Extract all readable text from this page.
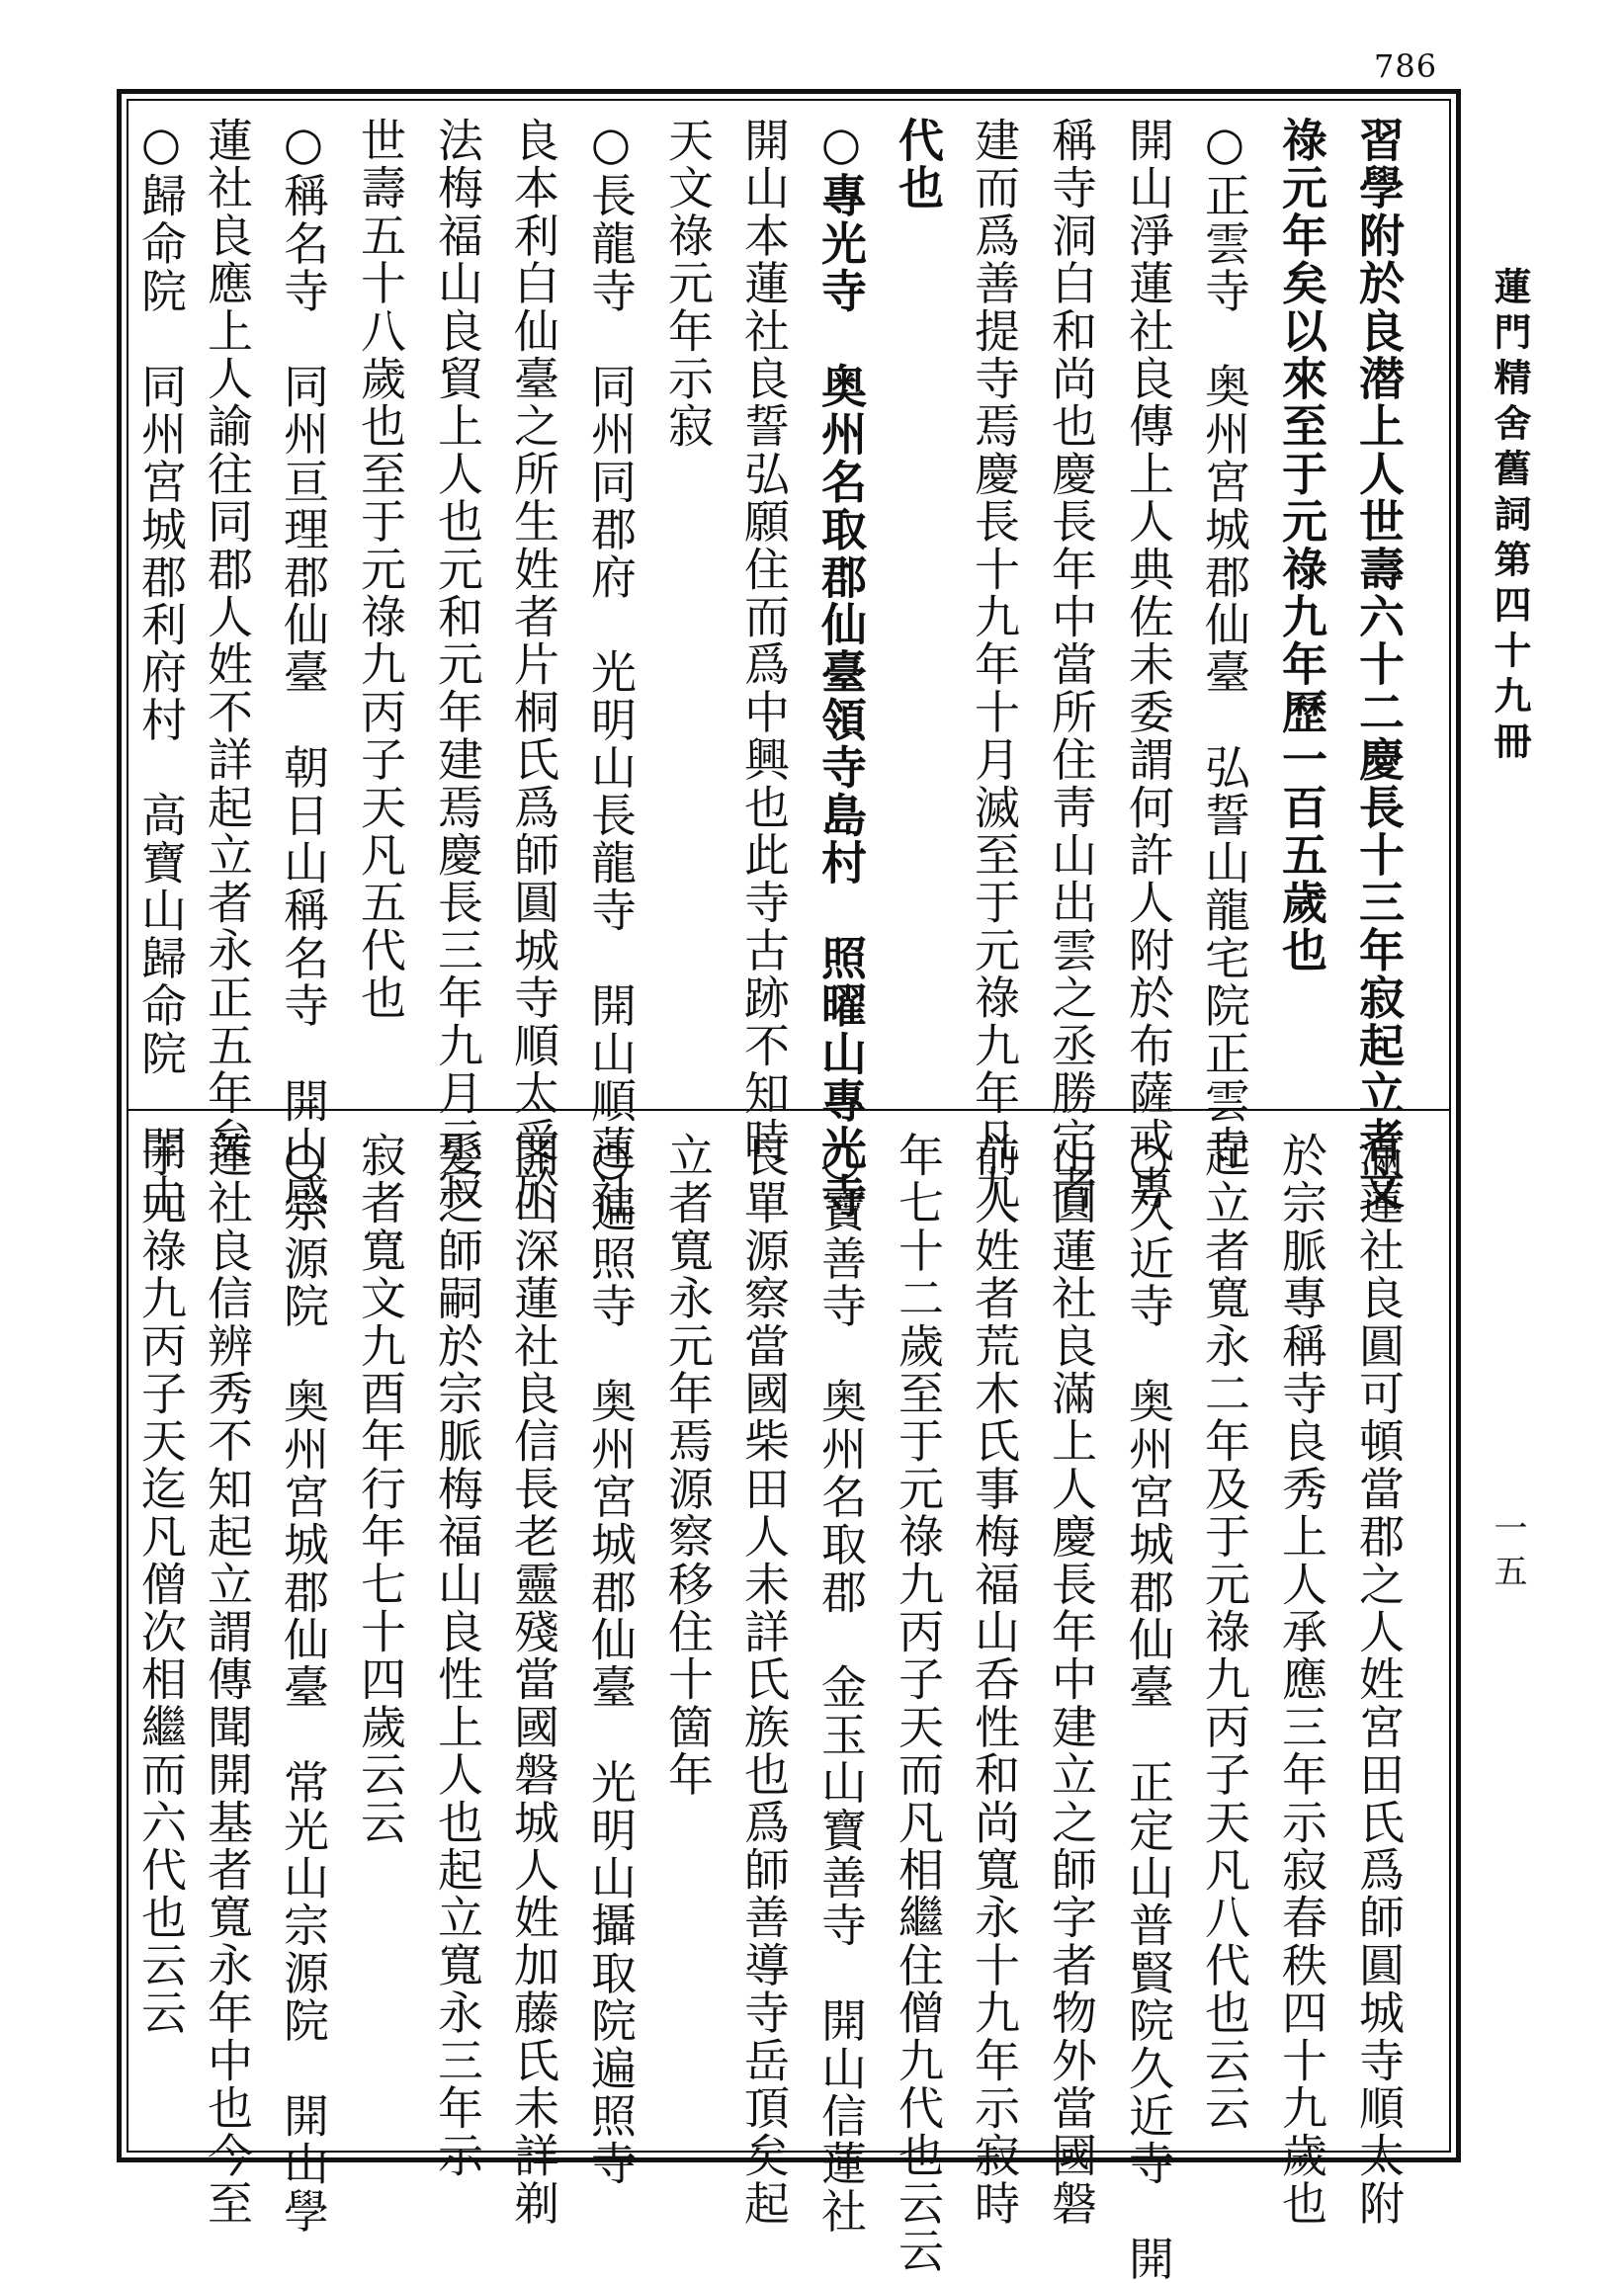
786
蓮門精舍舊詞第四十九冊
一五
習學附於良潜上人世壽六十二慶長十三年寂起立者文
祿元年矣以來至于元祿九年歷一百五歲也
○正雲寺　奥州宮城郡仙臺　弘誓山龍宅院正雲寺
開山淨蓮社良傳上人典佐未委謂何許人附於布薩戒專
稱寺洞白和尚也慶長年中當所住靑山出雲之丞勝定者
建而爲善提寺焉慶長十九年十月滅至于元祿九年凡九
代也
○專光寺　奥州名取郡仙臺領寺島村　照曜山專光寺
開山本蓮社良誓弘願住而爲中興也此寺古跡不知時
天文祿元年示寂
○長龍寺　同州同郡府　光明山長龍寺　開山順蓮社
良本利白仙臺之所生姓者片桐氏爲師圓城寺順太受於
法梅福山良貿上人也元和元年建焉慶長三年九月示寂
世壽五十八歲也至于元祿九丙子天凡五代也
○稱名寺　同州亘理郡仙臺　朝日山稱名寺　開山感
蓮社良應上人諭往同郡人姓不詳起立者永正五年矣
○歸命院　同州宮城郡利府村　高寶山歸命院　開山
滿蓮社良圓可頓當郡之人姓宮田氏爲師圓城寺順太附
於宗脈專稱寺良秀上人承應三年示寂春秩四十九歲也
起立者寬永二年及于元祿九丙子天凡八代也云云
○久近寺　奥州宮城郡仙臺　正定山普賢院久近寺　開
山圓蓮社良滿上人慶長年中建立之師字者物外當國磐
前人姓者荒木氏事梅福山呑性和尚寬永十九年示寂時
年七十二歲至于元祿九丙子天而凡相繼住僧九代也云云
○寶善寺　奥州名取郡　金玉山寶善寺　開山信蓮社
良單源察當國柴田人未詳氏族也爲師善導寺岳頂矣起
立者寬永元年焉源察移住十箇年
○遍照寺　奥州宮城郡仙臺　光明山攝取院遍照寺
開山深蓮社良信長老靈殘當國磐城人姓加藤氏未詳剃
髮之師嗣於宗脈梅福山良性上人也起立寬永三年示
寂者寬文九酉年行年七十四歲云云
○宗源院　奥州宮城郡仙臺　常光山宗源院　開山學
蓮社良信辨秀不知起立謂傳聞開基者寬永年中也今至
于元祿九丙子天迄凡僧次相繼而六代也云云
